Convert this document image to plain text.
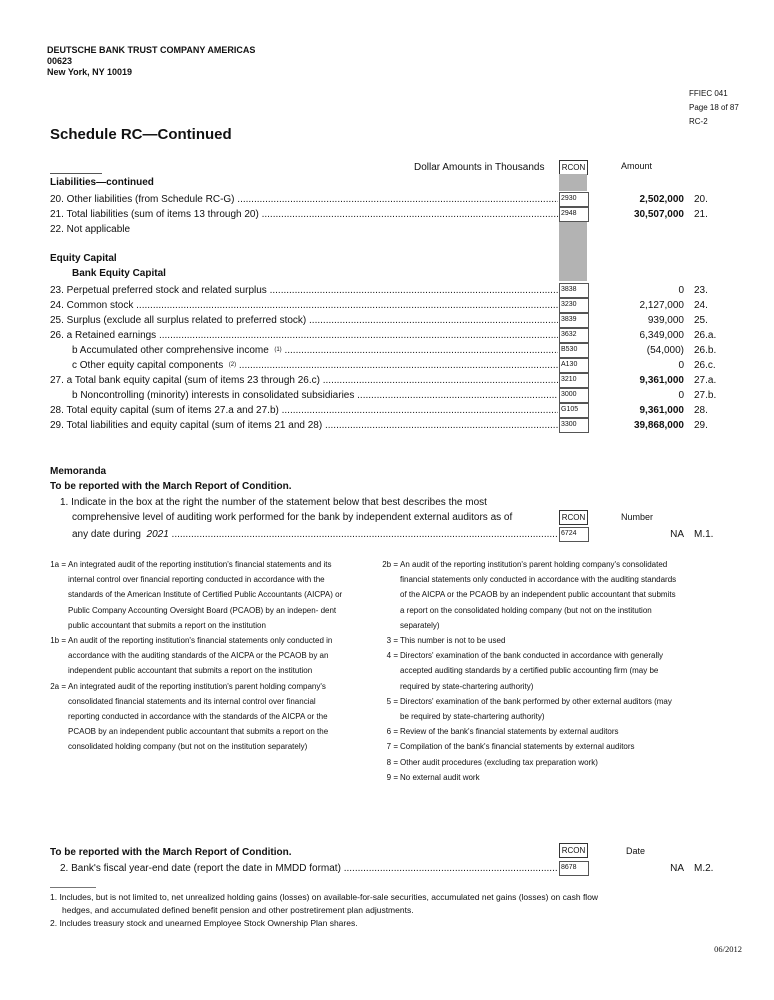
DEUTSCHE BANK TRUST COMPANY AMERICAS
00623
New York, NY 10019
FFIEC 041
Page 18 of 87
RC-2
Schedule RC—Continued
Dollar Amounts in Thousands	RCON	Amount
Liabilities—continued
20. Other liabilities (from Schedule RC-G) .....	2930	2,502,000 20.
21. Total liabilities (sum of items 13 through 20) .....	2948	30,507,000 21.
22. Not applicable
Equity Capital
Bank Equity Capital
23. Perpetual preferred stock and related surplus .....	3838	0 23.
24. Common stock .....	3230	2,127,000 24.
25. Surplus (exclude all surplus related to preferred stock) .....	3839	939,000 25.
26. a Retained earnings .....	3632	6,349,000 26.a.
b Accumulated other comprehensive income $^{(1)}$ .....	B530	(54,000) 26.b.
c Other equity capital components $^{(2)}$ .....	A130	0 26.c.
27. a Total bank equity capital (sum of items 23 through 26.c) .....	3210	9,361,000 27.a.
b Noncontrolling (minority) interests in consolidated subsidiaries .....	3000	0 27.b.
28. Total equity capital (sum of items 27.a and 27.b) .....	G105	9,361,000 28.
29. Total liabilities and equity capital (sum of items 21 and 28) .....	3300	39,868,000 29.
Memoranda
To be reported with the March Report of Condition.
1. Indicate in the box at the right the number of the statement below that best describes the most
comprehensive level of auditing work performed for the bank by independent external auditors as of
any date during 2021 .....	6724	NA M.1.
RCON	Number
1a = An integrated audit of the reporting institution's financial statements and its internal control over financial reporting conducted in accordance with the standards of the American Institute of Certified Public Accountants (AICPA) or Public Company Accounting Oversight Board (PCAOB) by an indepen- dent public accountant that submits a report on the institution
1b = An audit of the reporting institution's financial statements only conducted in accordance with the auditing standards of the AICPA or the PCAOB by an independent public accountant that submits a report on the institution
2a = An integrated audit of the reporting institution's parent holding company's consolidated financial statements and its internal control over financial reporting conducted in accordance with the standards of the AICPA or the PCAOB by an independent public accountant that submits a report on the consolidated holding company (but not on the institution separately)
2b = An audit of the reporting institution's parent holding company's consolidated financial statements only conducted in accordance with the auditing standards of the AICPA or the PCAOB by an independent public accountant that submits a report on the consolidated holding company (but not on the institution separately)
3 = This number is not to be used
4 = Directors' examination of the bank conducted in accordance with generally accepted auditing standards by a certified public accounting firm (may be required by state-chartering authority)
5 = Directors' examination of the bank performed by other external auditors (may be required by state-chartering authority)
6 = Review of the bank's financial statements by external auditors
7 = Compilation of the bank's financial statements by external auditors
8 = Other audit procedures (excluding tax preparation work)
9 = No external audit work
To be reported with the March Report of Condition.	RCON	Date
2. Bank's fiscal year-end date (report the date in MMDD format) .....	8678	NA M.2.
1. Includes, but is not limited to, net unrealized holding gains (losses) on available-for-sale securities, accumulated net gains (losses) on cash flow
hedges, and accumulated defined benefit pension and other postretirement plan adjustments.
2. Includes treasury stock and unearned Employee Stock Ownership Plan shares.
06/2012
